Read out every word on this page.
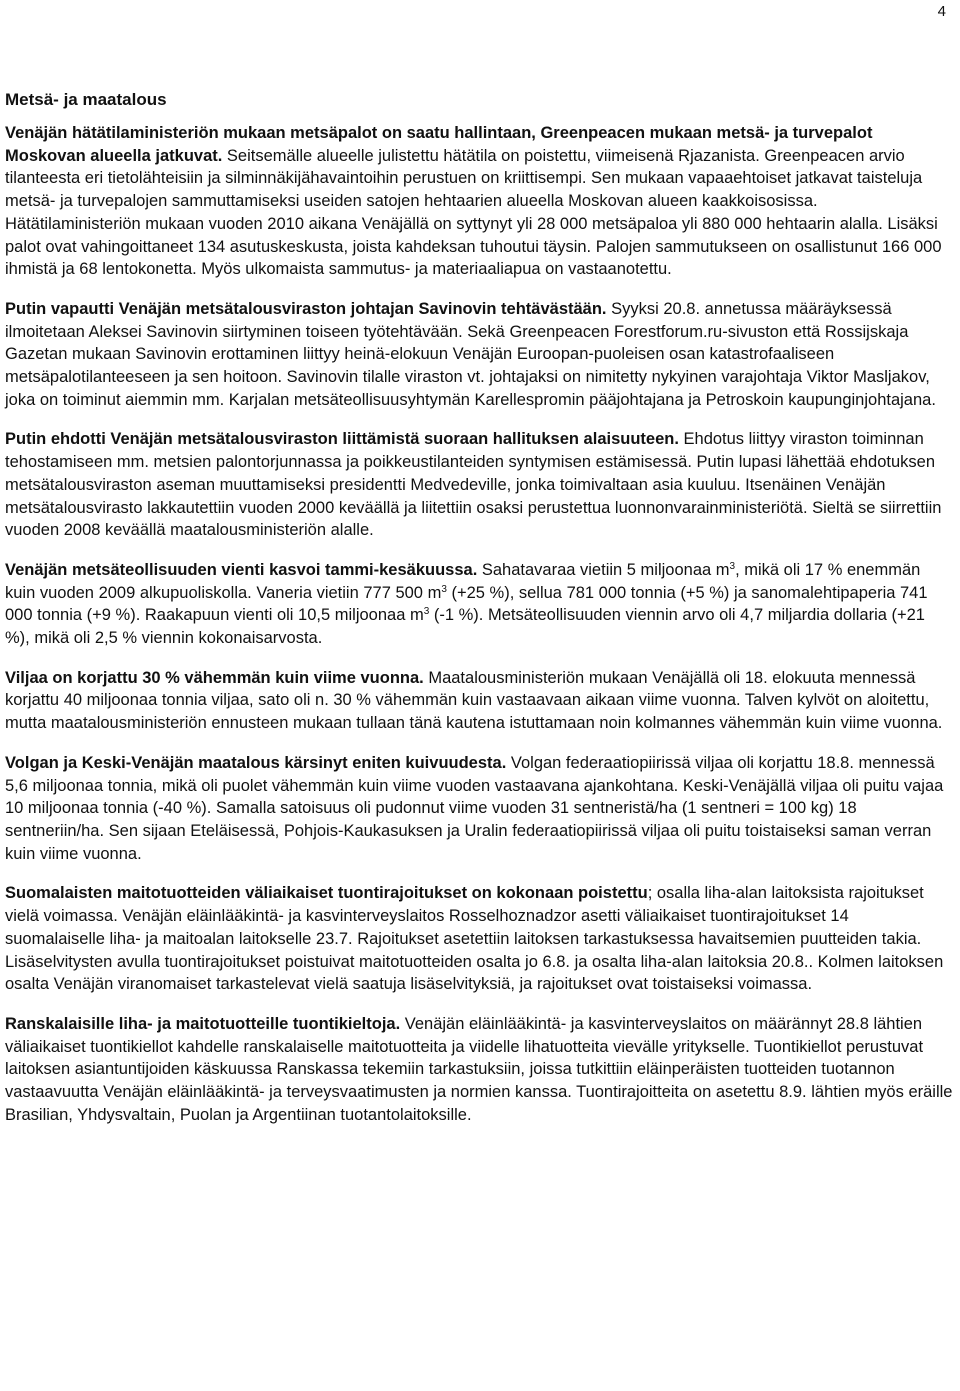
4
Metsä- ja maatalous

Venäjän hätätilaministeriön mukaan metsäpalot on saatu hallintaan, Greenpeacen mukaan metsä- ja turvepalot Moskovan alueella jatkuvat. Seitsemälle alueelle julistettu hätätila on poistettu, viimeisenä Rjazanista. Greenpeacen arvio tilanteesta eri tietolähteisiin ja silminnäkijähavaintoihin perustuen on kriittisempi. Sen mukaan vapaaehtoiset jatkavat taisteluja metsä- ja turvepalojen sammuttamiseksi useiden satojen hehtaarien alueella Moskovan alueen kaakkoisosissa. Hätätilaministeriön mukaan vuoden 2010 aikana Venäjällä on syttynyt yli 28 000 metsäpaloa yli 880 000 hehtaarin alalla. Lisäksi palot ovat vahingoittaneet 134 asutuskeskusta, joista kahdeksan tuhoutui täysin. Palojen sammutukseen on osallistunut 166 000 ihmistä ja 68 lentokonetta. Myös ulkomaista sammutus- ja materiaaliapua on vastaanotettu.

Putin vapautti Venäjän metsätalousviraston johtajan Savinovin tehtävästään. Syyksi 20.8. annetussa määräyksessä ilmoitetaan Aleksei Savinovin siirtyminen toiseen työtehtävään. Sekä Greenpeacen Forestforum.ru-sivuston että Rossijskaja Gazetan mukaan Savinovin erottaminen liittyy heinä-elokuun Venäjän Euroopan-puoleisen osan katastrofaaliseen metsäpalotilanteeseen ja sen hoitoon. Savinovin tilalle viraston vt. johtajaksi on nimitetty nykyinen varajohtaja Viktor Masljakov, joka on toiminut aiemmin mm. Karjalan metsäteollisuusyhtymän Karellespromin pääjohtajana ja Petroskoin kaupunginjohtajana.

Putin ehdotti Venäjän metsätalousviraston liittämistä suoraan hallituksen alaisuuteen. Ehdotus liittyy viraston toiminnan tehostamiseen mm. metsien palontorjunnassa ja poikkeustilanteiden syntymisen estämisessä. Putin lupasi lähettää ehdotuksen metsätalousviraston aseman muuttamiseksi presidentti Medvedeville, jonka toimivaltaan asia kuuluu. Itsenäinen Venäjän metsätalousvirasto lakkautettiin vuoden 2000 keväällä ja liitettiin osaksi perustettua luonnonvarainministeriötä. Sieltä se siirrettiin vuoden 2008 keväällä maatalousministeriön alalle.

Venäjän metsäteollisuuden vienti kasvoi tammi-kesäkuussa. Sahatavaraa vietiin 5 miljoonaa $m^3$, mikä oli 17 % enemmän kuin vuoden 2009 alkupuoliskolla. Vaneria vietiin 777 500 $m^3$ (+25 %), sellua 781 000 tonnia (+5 %) ja sanomalehtipaperia 741 000 tonnia (+9 %). Raakapuun vienti oli 10,5 miljoonaa $m^3$ (-1 %). Metsäteollisuuden viennin arvo oli 4,7 miljardia dollaria (+21 %), mikä oli 2,5 % viennin kokonaisarvosta.

Viljaa on korjattu 30 % vähemmän kuin viime vuonna. Maatalousministeriön mukaan Venäjällä oli 18. elokuuta mennessä korjattu 40 miljoonaa tonnia viljaa, sato oli n. 30 % vähemmän kuin vastaavaan aikaan viime vuonna. Talven kylvöt on aloitettu, mutta maatalousministeriön ennusteen mukaan tullaan tänä kautena istuttamaan noin kolmannes vähemmän kuin viime vuonna.

Volgan ja Keski-Venäjän maatalous kärsinyt eniten kuivuudesta. Volgan federaatiopiirissä viljaa oli korjattu 18.8. mennessä 5,6 miljoonaa tonnia, mikä oli puolet vähemmän kuin viime vuoden vastaavana ajankohtana. Keski-Venäjällä viljaa oli puitu vajaa 10 miljoonaa tonnia (-40 %). Samalla satoisuus oli pudonnut viime vuoden 31 sentneristä/ha (1 sentneri = 100 kg) 18 sentneriin/ha. Sen sijaan Eteläisessä, Pohjois-Kaukasuksen ja Uralin federaatiopiirissä viljaa oli puitu toistaiseksi saman verran kuin viime vuonna.

Suomalaisten maitotuotteiden väliaikaiset tuontirajoitukset on kokonaan poistettu; osalla liha-alan laitoksista rajoitukset vielä voimassa. Venäjän eläinlääkintä- ja kasvinterveyslaitos Rosselhoznadzor asetti väliaikaiset tuontirajoitukset 14 suomalaiselle liha- ja maitoalan laitokselle 23.7. Rajoitukset asetettiin laitoksen tarkastuksessa havaitsemien puutteiden takia. Lisäselvitysten avulla tuontirajoitukset poistuivat maitotuotteiden osalta jo 6.8. ja osalta liha-alan laitoksia 20.8.. Kolmen laitoksen osalta Venäjän viranomaiset tarkastelevat vielä saatuja lisäselvityksiä, ja rajoitukset ovat toistaiseksi voimassa.

Ranskalaisille liha- ja maitotuotteille tuontikieltoja. Venäjän eläinlääkintä- ja kasvinterveyslaitos on määrännyt 28.8 lähtien väliaikaiset tuontikiellot kahdelle ranskalaiselle maitotuotteita ja viidelle lihatuotteita vievälle yritykselle. Tuontikiellot perustuvat laitoksen asiantuntijoiden käskuussa Ranskassa tekemiin tarkastuksiin, joissa tutkittiin eläinperäisten tuotteiden tuotannon vastaavuutta Venäjän eläinlääkintä- ja terveysvaatimusten ja normien kanssa. Tuontirajoitteita on asetettu 8.9. lähtien myös eräille Brasilian, Yhdysvaltain, Puolan ja Argentiinan tuotantolaitoksille.
